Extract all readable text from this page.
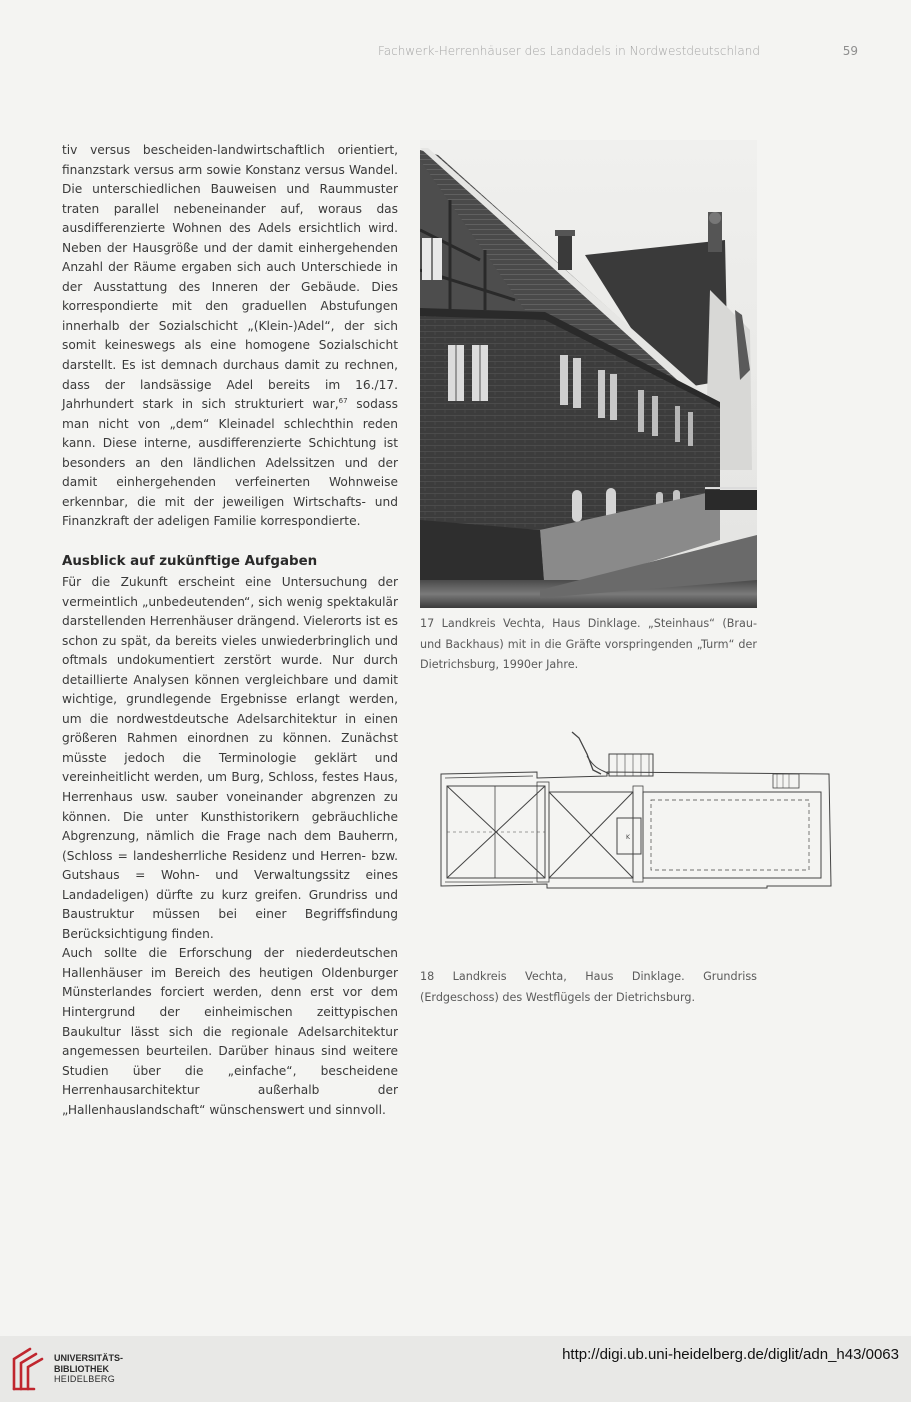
Fachwerk-Herrenhäuser des Landadels in Nordwestdeutschland	59

tiv versus bescheiden-landwirtschaftlich orientiert, finanzstark versus arm sowie Konstanz versus Wandel. Die unterschiedlichen Bauweisen und Raummuster traten parallel nebeneinander auf, woraus das ausdifferenzierte Wohnen des Adels ersichtlich wird. Neben der Hausgröße und der damit einhergehenden Anzahl der Räume ergaben sich auch Unterschiede in der Ausstattung des Inneren der Gebäude. Dies korrespondierte mit den graduellen Abstufungen innerhalb der Sozialschicht „(Klein-)Adel“, der sich somit keineswegs als eine homogene Sozialschicht darstellt. Es ist demnach durchaus damit zu rechnen, dass der landsässige Adel bereits im 16./17. Jahrhundert stark in sich strukturiert war,$^{67}$ sodass man nicht von „dem“ Kleinadel schlechthin reden kann. Diese interne, ausdifferenzierte Schichtung ist besonders an den ländlichen Adelssitzen und der damit einhergehenden verfeinerten Wohnweise erkennbar, die mit der jeweiligen Wirtschafts- und Finanzkraft der adeligen Familie korrespondierte.

Ausblick auf zukünftige Aufgaben

Für die Zukunft erscheint eine Untersuchung der vermeintlich „unbedeutenden“, sich wenig spektakulär darstellenden Herrenhäuser drängend. Vielerorts ist es schon zu spät, da bereits vieles unwiederbringlich und oftmals undokumentiert zerstört wurde. Nur durch detaillierte Analysen können vergleichbare und damit wichtige, grundlegende Ergebnisse erlangt werden, um die nordwestdeutsche Adelsarchitektur in einen größeren Rahmen einordnen zu können. Zunächst müsste jedoch die Terminologie geklärt und vereinheitlicht werden, um Burg, Schloss, festes Haus, Herrenhaus usw. sauber voneinander abgrenzen zu können. Die unter Kunsthistorikern gebräuchliche Abgrenzung, nämlich die Frage nach dem Bauherrn, (Schloss = landesherrliche Residenz und Herren- bzw. Gutshaus = Wohn- und Verwaltungssitz eines Landadeligen) dürfte zu kurz greifen. Grundriss und Baustruktur müssen bei einer Begriffsfindung Berücksichtigung finden.

Auch sollte die Erforschung der niederdeutschen Hallenhäuser im Bereich des heutigen Oldenburger Münsterlandes forciert werden, denn erst vor dem Hintergrund der einheimischen zeittypischen Baukultur lässt sich die regionale Adelsarchitektur angemessen beurteilen. Darüber hinaus sind weitere Studien über die „einfache“, bescheidene Herrenhausarchitektur außerhalb der „Hallenhauslandschaft“ wünschenswert und sinnvoll.

17 Landkreis Vechta, Haus Dinklage. „Steinhaus“ (Brau- und Backhaus) mit in die Gräfte vorspringenden „Turm“ der Dietrichsburg, 1990er Jahre.
K
18 Landkreis Vechta, Haus Dinklage. Grundriss (Erdgeschoss) des Westflügels der Dietrichsburg.
UNIVERSITÄTS-
BIBLIOTHEK
HEIDELBERG
http://digi.ub.uni-heidelberg.de/diglit/adn_h43/0063
